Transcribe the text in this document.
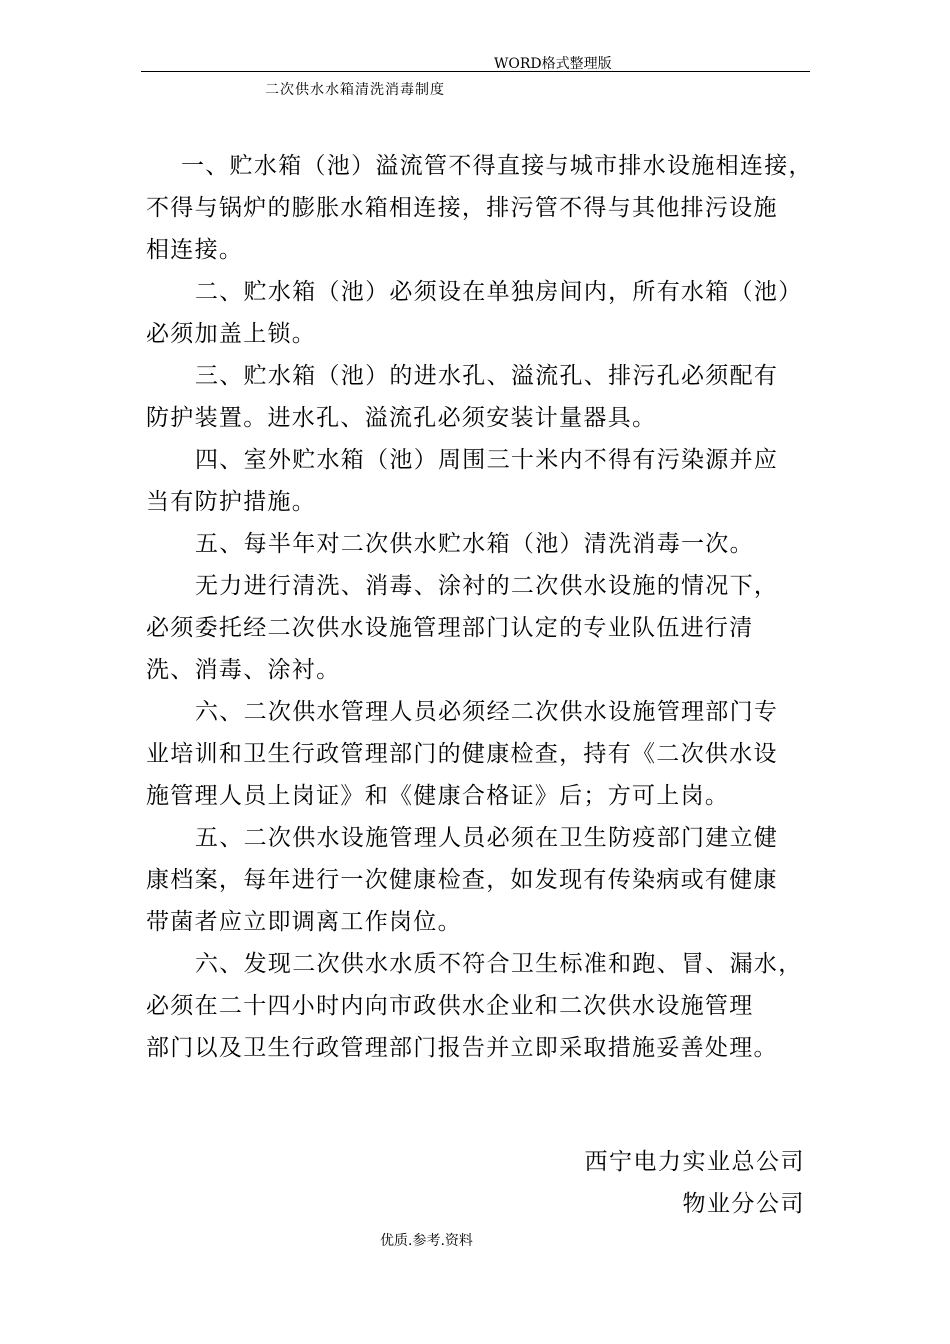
WORD格式整理版
二次供水水箱清洗消毒制度
一、贮水箱（池）溢流管不得直接与城市排水设施相连接，
不得与锅炉的膨胀水箱相连接，排污管不得与其他排污设施
相连接。
二、贮水箱（池）必须设在单独房间内，所有水箱（池）
必须加盖上锁。
三、贮水箱（池）的进水孔、溢流孔、排污孔必须配有
防护装置。进水孔、溢流孔必须安装计量器具。
四、室外贮水箱（池）周围三十米内不得有污染源并应
当有防护措施。
五、每半年对二次供水贮水箱（池）清洗消毒一次。
无力进行清洗、消毒、涂衬的二次供水设施的情况下，
必须委托经二次供水设施管理部门认定的专业队伍进行清
洗、消毒、涂衬。
六、二次供水管理人员必须经二次供水设施管理部门专
业培训和卫生行政管理部门的健康检查，持有《二次供水设
施管理人员上岗证》和《健康合格证》后；方可上岗。
五、二次供水设施管理人员必须在卫生防疫部门建立健
康档案，每年进行一次健康检查，如发现有传染病或有健康
带菌者应立即调离工作岗位。
六、发现二次供水水质不符合卫生标准和跑、冒、漏水，
必须在二十四小时内向市政供水企业和二次供水设施管理
部门以及卫生行政管理部门报告并立即采取措施妥善处理。
西宁电力实业总公司
物业分公司
优质.参考.资料
